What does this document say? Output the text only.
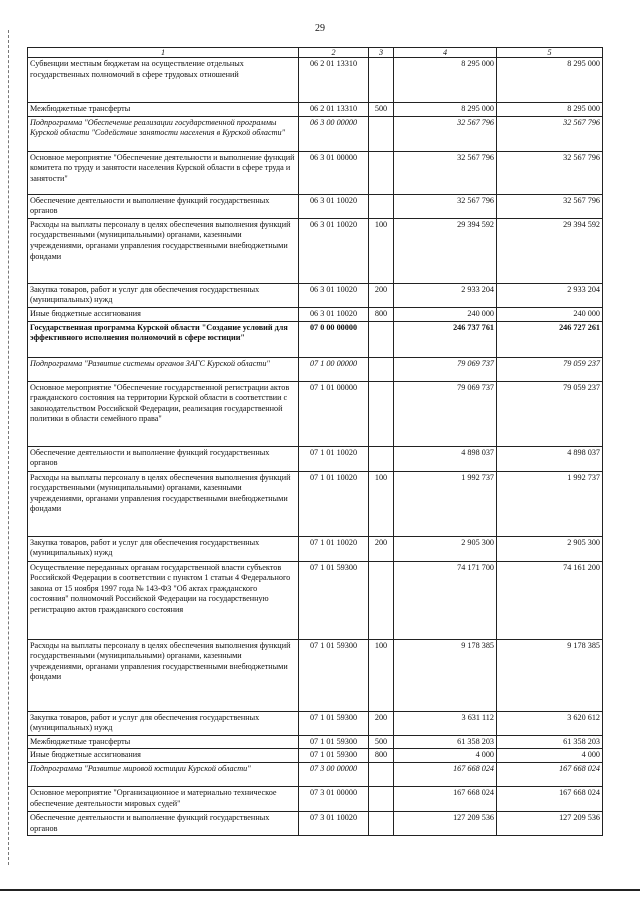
29
1	2	3	4	5
Субвенции местным бюджетам на осуществление отдельных государственных полномочий в сфере трудовых отношений	06 2 01 13310		8 295 000	8 295 000
Межбюджетные трансферты	06 2 01 13310	500	8 295 000	8 295 000
Подпрограмма "Обеспечение реализации государственной программы Курской области "Содействие занятости населения в Курской области"	06 3 00 00000		32 567 796	32 567 796
Основное мероприятие "Обеспечение деятельности и выполнение функций комитета по труду и занятости населения Курской области в сфере труда и занятости"	06 3 01 00000		32 567 796	32 567 796
Обеспечение деятельности и выполнение функций государственных органов	06 3 01 10020		32 567 796	32 567 796
Расходы на выплаты персоналу в целях обеспечения выполнения функций государственными (муниципальными) органами, казенными учреждениями, органами управления государственными внебюджетными фондами	06 3 01 10020	100	29 394 592	29 394 592
Закупка товаров, работ и услуг для обеспечения государственных (муниципальных) нужд	06 3 01 10020	200	2 933 204	2 933 204
Иные бюджетные ассигнования	06 3 01 10020	800	240 000	240 000
Государственная программа Курской области "Создание условий для эффективного исполнения полномочий в сфере юстиции"	07 0 00 00000		246 737 761	246 727 261
Подпрограмма "Развитие системы органов ЗАГС Курской области"	07 1 00 00000		79 069 737	79 059 237
Основное мероприятие "Обеспечение государственной регистрации актов гражданского состояния на территории Курской области в соответствии с законодательством Российской Федерации, реализация государственной политики в области семейного права"	07 1 01 00000		79 069 737	79 059 237
Обеспечение деятельности и выполнение функций государственных органов	07 1 01 10020		4 898 037	4 898 037
Расходы на выплаты персоналу в целях обеспечения выполнения функций государственными (муниципальными) органами, казенными учреждениями, органами управления государственными внебюджетными фондами	07 1 01 10020	100	1 992 737	1 992 737
Закупка товаров, работ и услуг для обеспечения государственных (муниципальных) нужд	07 1 01 10020	200	2 905 300	2 905 300
Осуществление переданных органам государственной власти субъектов Российской Федерации в соответствии с пунктом 1 статьи 4 Федерального закона от 15 ноября 1997 года № 143-ФЗ "Об актах гражданского состояния" полномочий Российской Федерации на государственную регистрацию актов гражданского состояния	07 1 01 59300		74 171 700	74 161 200
Расходы на выплаты персоналу в целях обеспечения выполнения функций государственными (муниципальными) органами, казенными учреждениями, органами управления государственными внебюджетными фондами	07 1 01 59300	100	9 178 385	9 178 385
Закупка товаров, работ и услуг для обеспечения государственных (муниципальных) нужд	07 1 01 59300	200	3 631 112	3 620 612
Межбюджетные трансферты	07 1 01 59300	500	61 358 203	61 358 203
Иные бюджетные ассигнования	07 1 01 59300	800	4 000	4 000
Подпрограмма "Развитие мировой юстиции Курской области"	07 3 00 00000		167 668 024	167 668 024
Основное мероприятие "Организационное и материально техническое обеспечение деятельности мировых судей"	07 3 01 00000		167 668 024	167 668 024
Обеспечение деятельности и выполнение функций государственных органов	07 3 01 10020		127 209 536	127 209 536
